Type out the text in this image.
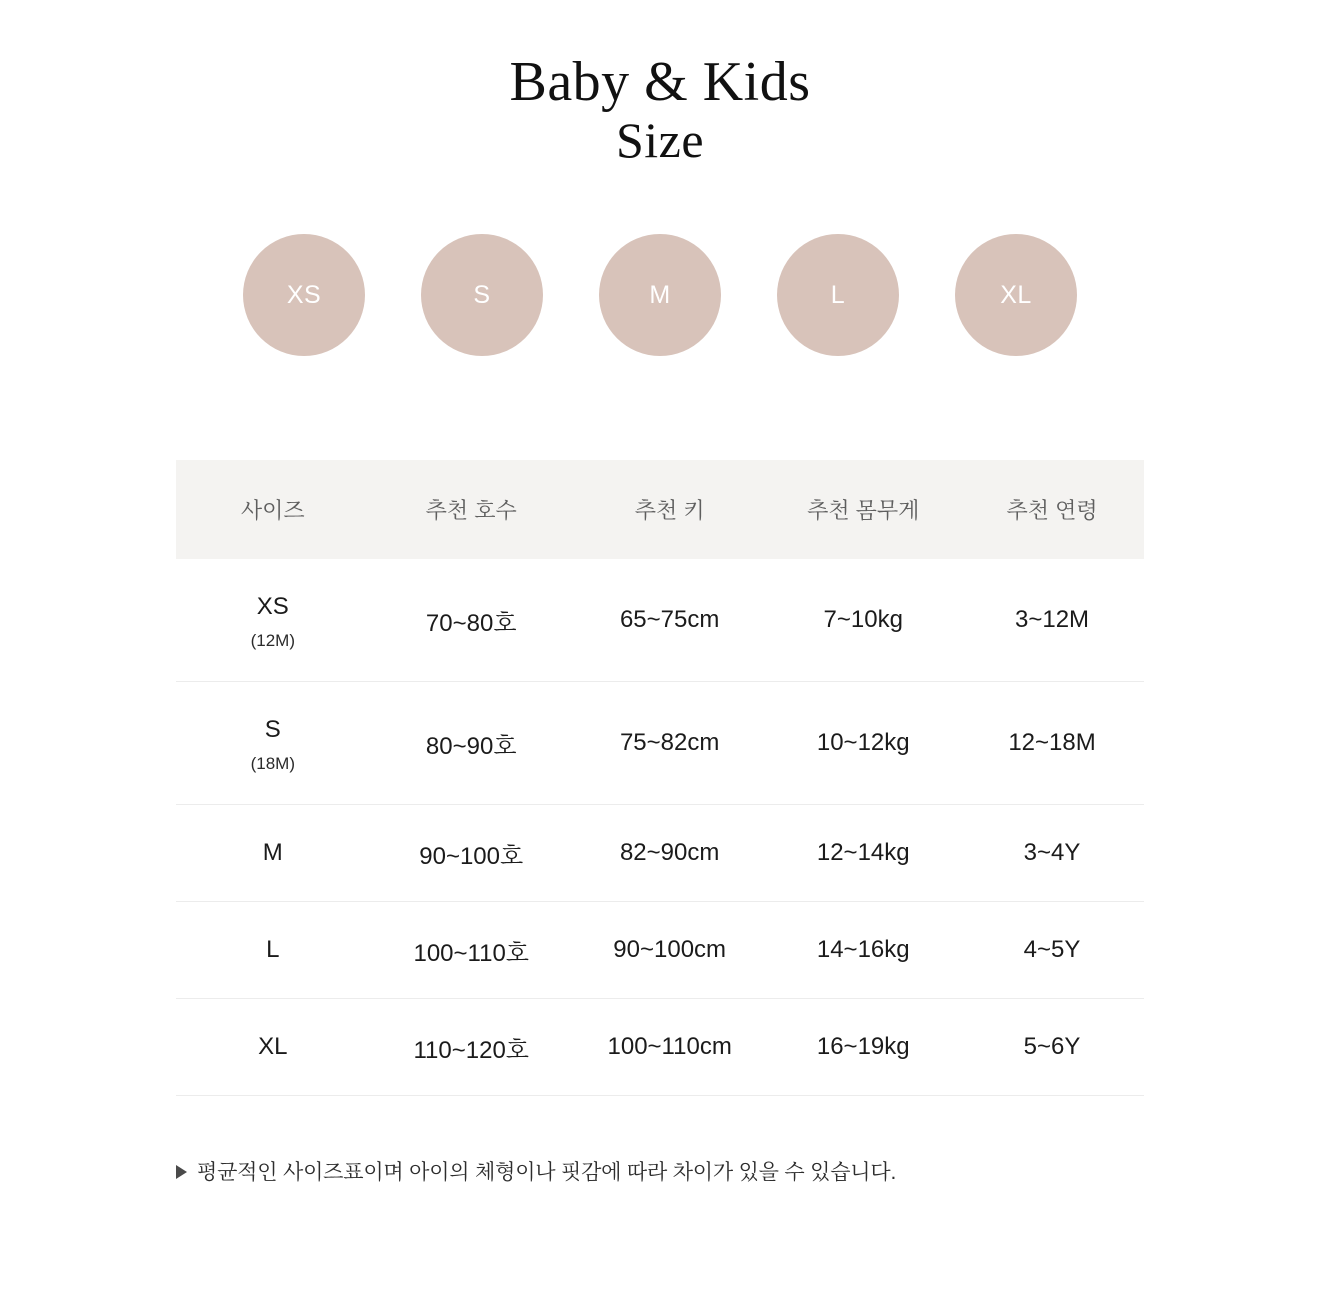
Baby & Kids
Size
XS	S	M	L	XL
사이즈	추천 호수	추천 키	추천 몸무게	추천 연령

XS
(12M)	70~80호	65~75cm	7~10kg	3~12M

S
(18M)	80~90호	75~82cm	10~12kg	12~18M

M	90~100호	82~90cm	12~14kg	3~4Y

L	100~110호	90~100cm	14~16kg	4~5Y

XL	110~120호	100~110cm	16~19kg	5~6Y
평균적인 사이즈표이며 아이의 체형이나 핏감에 따라 차이가 있을 수 있습니다.
